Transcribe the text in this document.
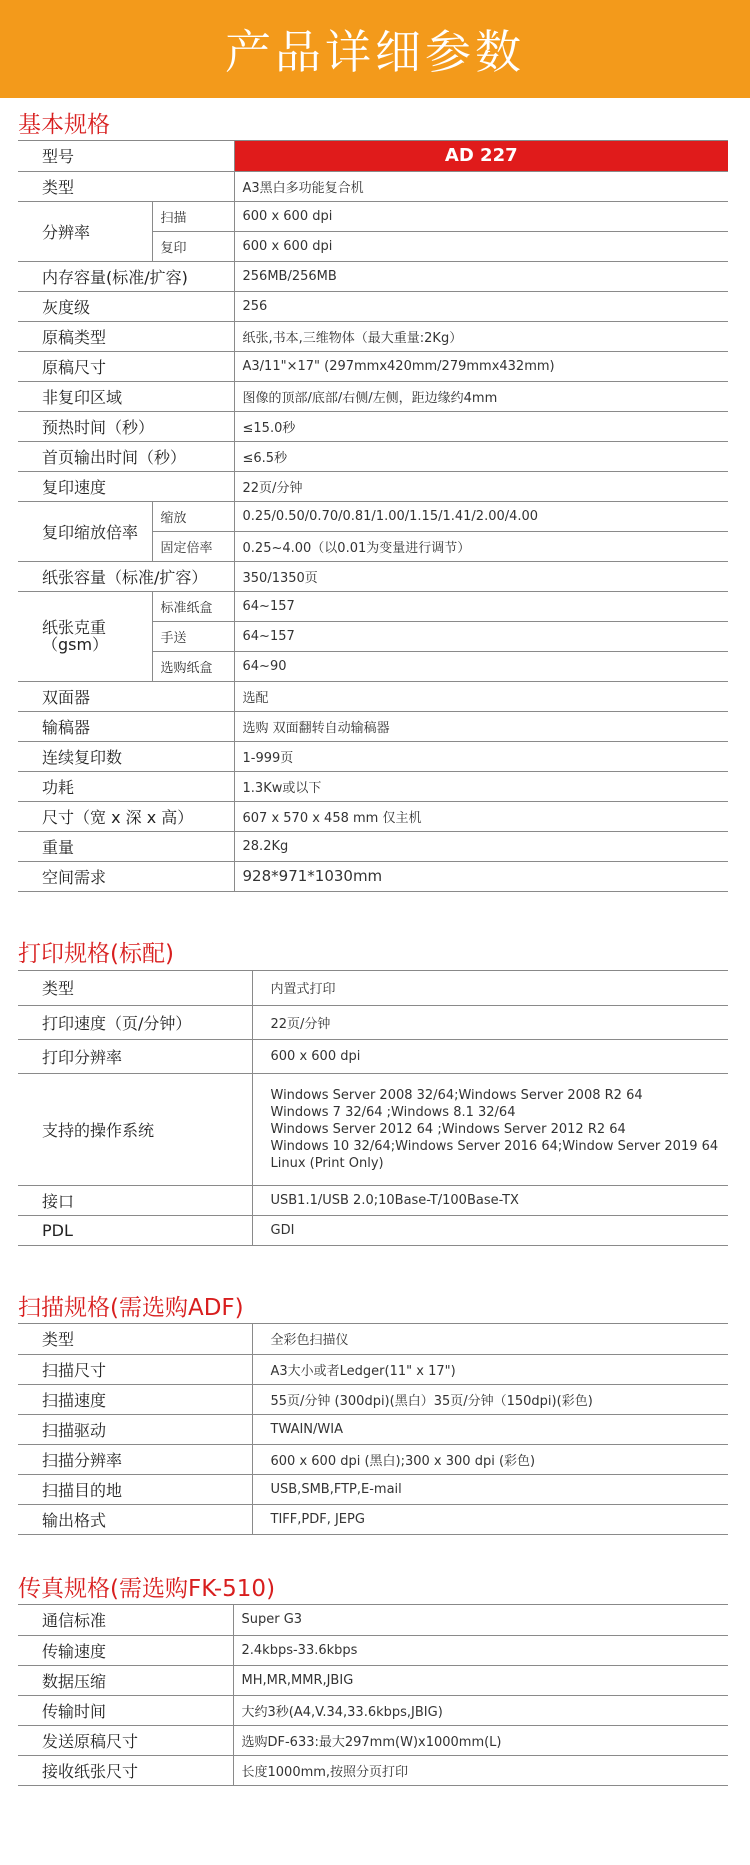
产品详细参数
基本规格
型号		AD 227
类型		A3黑白多功能复合机
分辨率	扫描	600 x 600 dpi
	复印	600 x 600 dpi
内存容量(标准/扩容)		256MB/256MB
灰度级		256
原稿类型		纸张,书本,三维物体（最大重量:2Kg）
原稿尺寸		A3/11"×17" (297mmx420mm/279mmx432mm)
非复印区域		图像的顶部/底部/右侧/左侧，距边缘约4mm
预热时间（秒）		≤15.0秒
首页输出时间（秒）		≤6.5秒
复印速度		22页/分钟
复印缩放倍率	缩放	0.25/0.50/0.70/0.81/1.00/1.15/1.41/2.00/4.00
	固定倍率	0.25~4.00（以0.01为变量进行调节）
纸张容量（标准/扩容）		350/1350页

纸张克重
（gsm）	标准纸盒	64~157
	手送	64~157
	选购纸盒	64~90
双面器		选配
输稿器		选购 双面翻转自动输稿器
连续复印数		1-999页
功耗		1.3Kw或以下
尺寸（宽 x 深 x 高）		607 x 570 x 458 mm 仅主机
重量		28.2Kg
空间需求		928*971*1030mm
打印规格(标配)
类型	内置式打印
打印速度（页/分钟）	22页/分钟
打印分辨率	600 x 600 dpi
支持的操作系统	Windows Server 2008 32/64;Windows Server 2008 R2 64
Windows 7 32/64 ;Windows 8.1 32/64
Windows Server 2012 64 ;Windows Server 2012 R2 64
Windows 10 32/64;Windows Server 2016 64;Window Server 2019 64
Linux (Print Only)

接口	USB1.1/USB 2.0;10Base-T/100Base-TX
PDL	GDI
扫描规格(需选购ADF)
类型	全彩色扫描仪
扫描尺寸	A3大小或者Ledger(11" x 17")
扫描速度	55页/分钟 (300dpi)(黑白）35页/分钟（150dpi)(彩色)
扫描驱动	TWAIN/WIA
扫描分辨率	600 x 600 dpi (黑白);300 x 300 dpi (彩色)
扫描目的地	USB,SMB,FTP,E-mail
输出格式	TIFF,PDF, JEPG
传真规格(需选购FK-510)
通信标准	Super G3
传输速度	2.4kbps-33.6kbps
数据压缩	MH,MR,MMR,JBIG
传输时间	大约3秒(A4,V.34,33.6kbps,JBIG)
发送原稿尺寸	选购DF-633:最大297mm(W)x1000mm(L)
接收纸张尺寸	长度1000mm,按照分页打印
